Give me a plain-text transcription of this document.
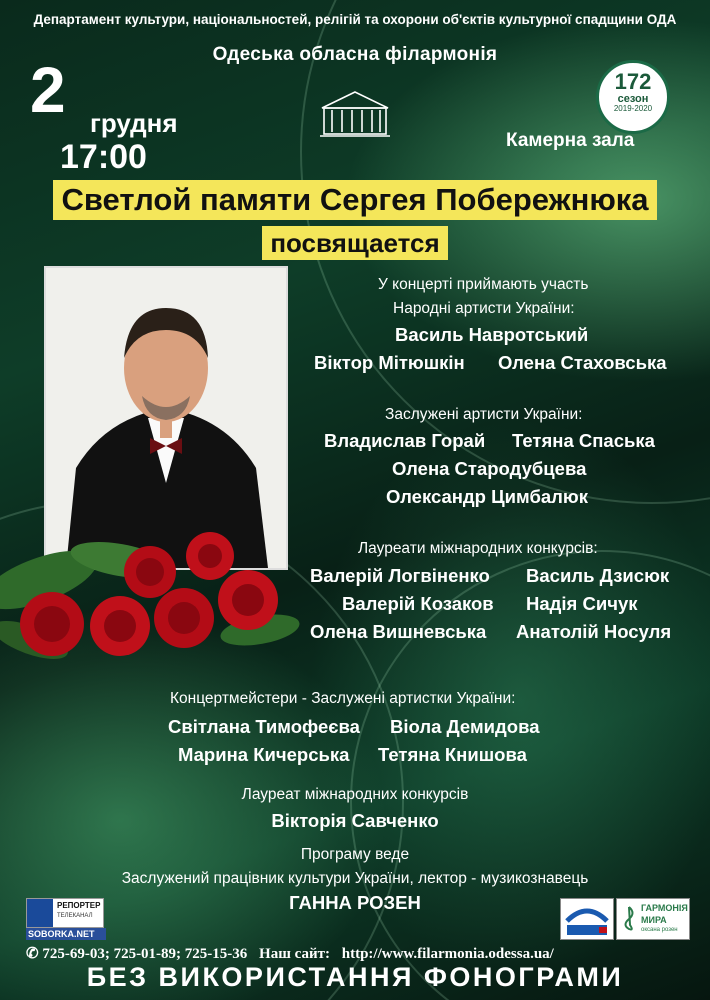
Департамент культури, національностей, релігій та охорони об'єктів культурної спадщини ОДА
Одеська обласна філармонія
2 грудня
17:00
172
сезон
2019-2020
Камерна зала
Светлой памяти Сергея Побережнюка
посвящается
У концерті приймають участь
Народні артисти України:
Василь Навротський
Віктор Мітюшкін Олена Стаховська
Заслужені артисти України:
Владислав Горай Тетяна Спаська
Олена Стародубцева
Олександр Цимбалюк
Лауреати міжнародних конкурсів:
Валерій Логвіненко Василь Дзисюк
Валерій Козаков Надія Сичук
Олена Вишневська Анатолій Носуля
Концертмейстери - Заслужені артистки України:
Світлана Тимофеєва Віола Демидова
Марина Кичерська Тетяна Книшова
Лауреат міжнародних конкурсів
Вікторія Савченко
Програму веде
Заслужений працівник культури України, лектор - музикознавець
ГАННА РОЗЕН
РЕПОРТЕР
ТЕЛЕКАНАЛ
SOBORKA.NET
ГАРМОНІЯ
МИРА
оксана розен
✆ 725-69-03; 725-01-89; 725-15-36 Наш сайт: http://www.filarmonia.odessa.ua/
БЕЗ ВИКОРИСТАННЯ ФОНОГРАМИ
